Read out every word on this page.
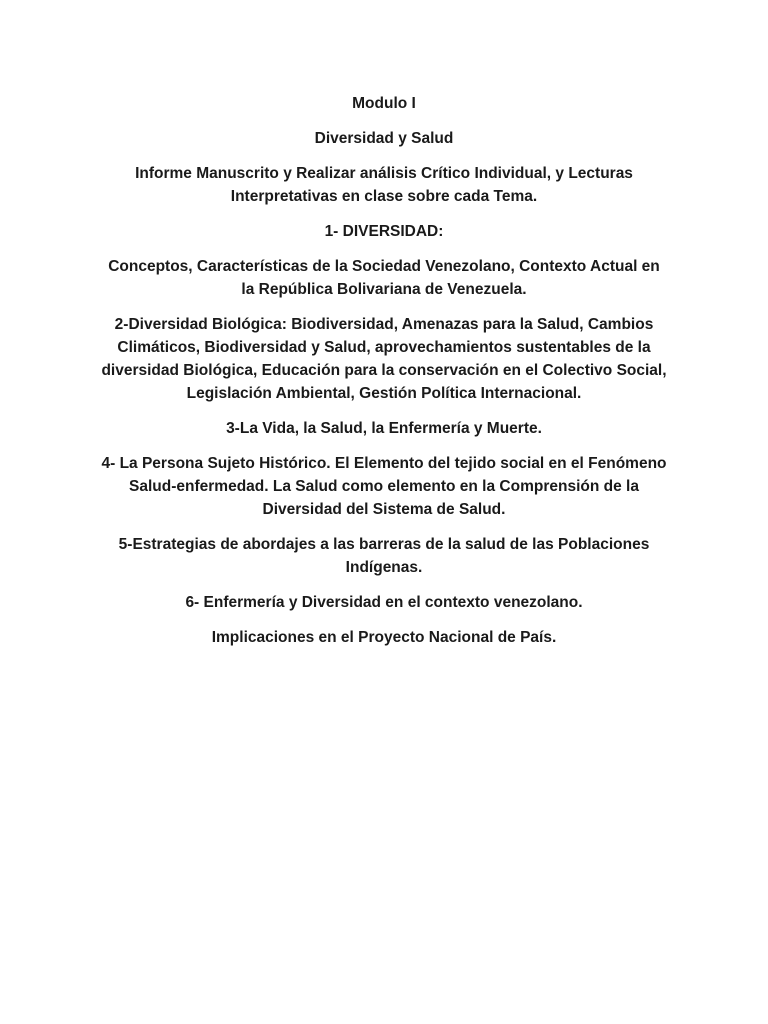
Modulo I

Diversidad y Salud

Informe Manuscrito y Realizar análisis Crítico Individual, y Lecturas Interpretativas en clase sobre cada Tema.

1- DIVERSIDAD:

Conceptos, Características de la Sociedad Venezolano, Contexto Actual en la República Bolivariana de Venezuela.

2-Diversidad Biológica: Biodiversidad, Amenazas para la Salud, Cambios Climáticos, Biodiversidad y Salud, aprovechamientos sustentables de la diversidad Biológica, Educación para la conservación en el Colectivo Social, Legislación Ambiental, Gestión Política Internacional.

3-La Vida, la Salud, la Enfermería y Muerte.

4- La Persona Sujeto Histórico. El Elemento del tejido social en el Fenómeno Salud-enfermedad. La Salud como elemento en la Comprensión de la Diversidad del Sistema de Salud.

5-Estrategias de abordajes a las barreras de la salud de las Poblaciones Indígenas.

6- Enfermería y Diversidad en el contexto venezolano.

Implicaciones en el Proyecto Nacional de País.
